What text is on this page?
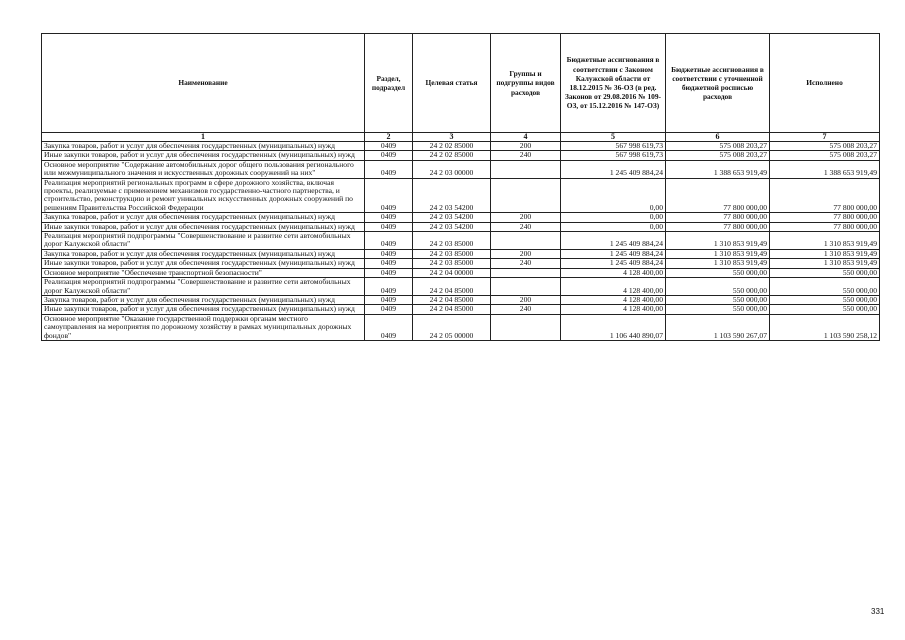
Наименование	Раздел, подраздел	Целевая статья	Группы и подгруппы видов расходов	Бюджетные ассигнования в соответствии с Законом Калужской области от 18.12.2015 № 36-ОЗ (в ред. Законов от 29.08.2016 № 109-ОЗ, от 15.12.2016 № 147-ОЗ)	Бюджетные ассигнования в соответствии с уточненной бюджетной росписью расходов	Исполнено
1	2	3	4	5	6	7
Закупка товаров, работ и услуг для обеспечения государственных (муниципальных) нужд	0409	24 2 02 85000	200	567 998 619,73	575 008 203,27	575 008 203,27
Иные закупки товаров, работ и услуг для обеспечения государственных (муниципальных) нужд	0409	24 2 02 85000	240	567 998 619,73	575 008 203,27	575 008 203,27
Основное мероприятие "Содержание автомобильных дорог общего пользования регионального или межмуниципального значения и искусственных дорожных сооружений на них"	0409	24 2 03 00000		1 245 409 884,24	1 388 653 919,49	1 388 653 919,49
Реализация мероприятий региональных программ в сфере дорожного хозяйства, включая проекты, реализуемые с применением механизмов государственно-частного партнерства, и строительство, реконструкцию и ремонт уникальных искусственных дорожных сооружений по решениям Правительства Российской Федерации	0409	24 2 03 54200		0,00	77 800 000,00	77 800 000,00
Закупка товаров, работ и услуг для обеспечения государственных (муниципальных) нужд	0409	24 2 03 54200	200	0,00	77 800 000,00	77 800 000,00
Иные закупки товаров, работ и услуг для обеспечения государственных (муниципальных) нужд	0409	24 2 03 54200	240	0,00	77 800 000,00	77 800 000,00
Реализация мероприятий подпрограммы "Совершенствование и развитие сети автомобильных дорог Калужской области"	0409	24 2 03 85000		1 245 409 884,24	1 310 853 919,49	1 310 853 919,49
Закупка товаров, работ и услуг для обеспечения государственных (муниципальных) нужд	0409	24 2 03 85000	200	1 245 409 884,24	1 310 853 919,49	1 310 853 919,49
Иные закупки товаров, работ и услуг для обеспечения государственных (муниципальных) нужд	0409	24 2 03 85000	240	1 245 409 884,24	1 310 853 919,49	1 310 853 919,49
Основное мероприятие "Обеспечение транспортной безопасности"	0409	24 2 04 00000		4 128 400,00	550 000,00	550 000,00
Реализация мероприятий подпрограммы "Совершенствование и развитие сети автомобильных дорог Калужской области"	0409	24 2 04 85000		4 128 400,00	550 000,00	550 000,00
Закупка товаров, работ и услуг для обеспечения государственных (муниципальных) нужд	0409	24 2 04 85000	200	4 128 400,00	550 000,00	550 000,00
Иные закупки товаров, работ и услуг для обеспечения государственных (муниципальных) нужд	0409	24 2 04 85000	240	4 128 400,00	550 000,00	550 000,00
Основное мероприятие "Оказание государственной поддержки органам местного самоуправления на мероприятия по дорожному хозяйству в рамках муниципальных дорожных фондов"	0409	24 2 05 00000		1 106 440 890,07	1 103 590 267,07	1 103 590 258,12
331
